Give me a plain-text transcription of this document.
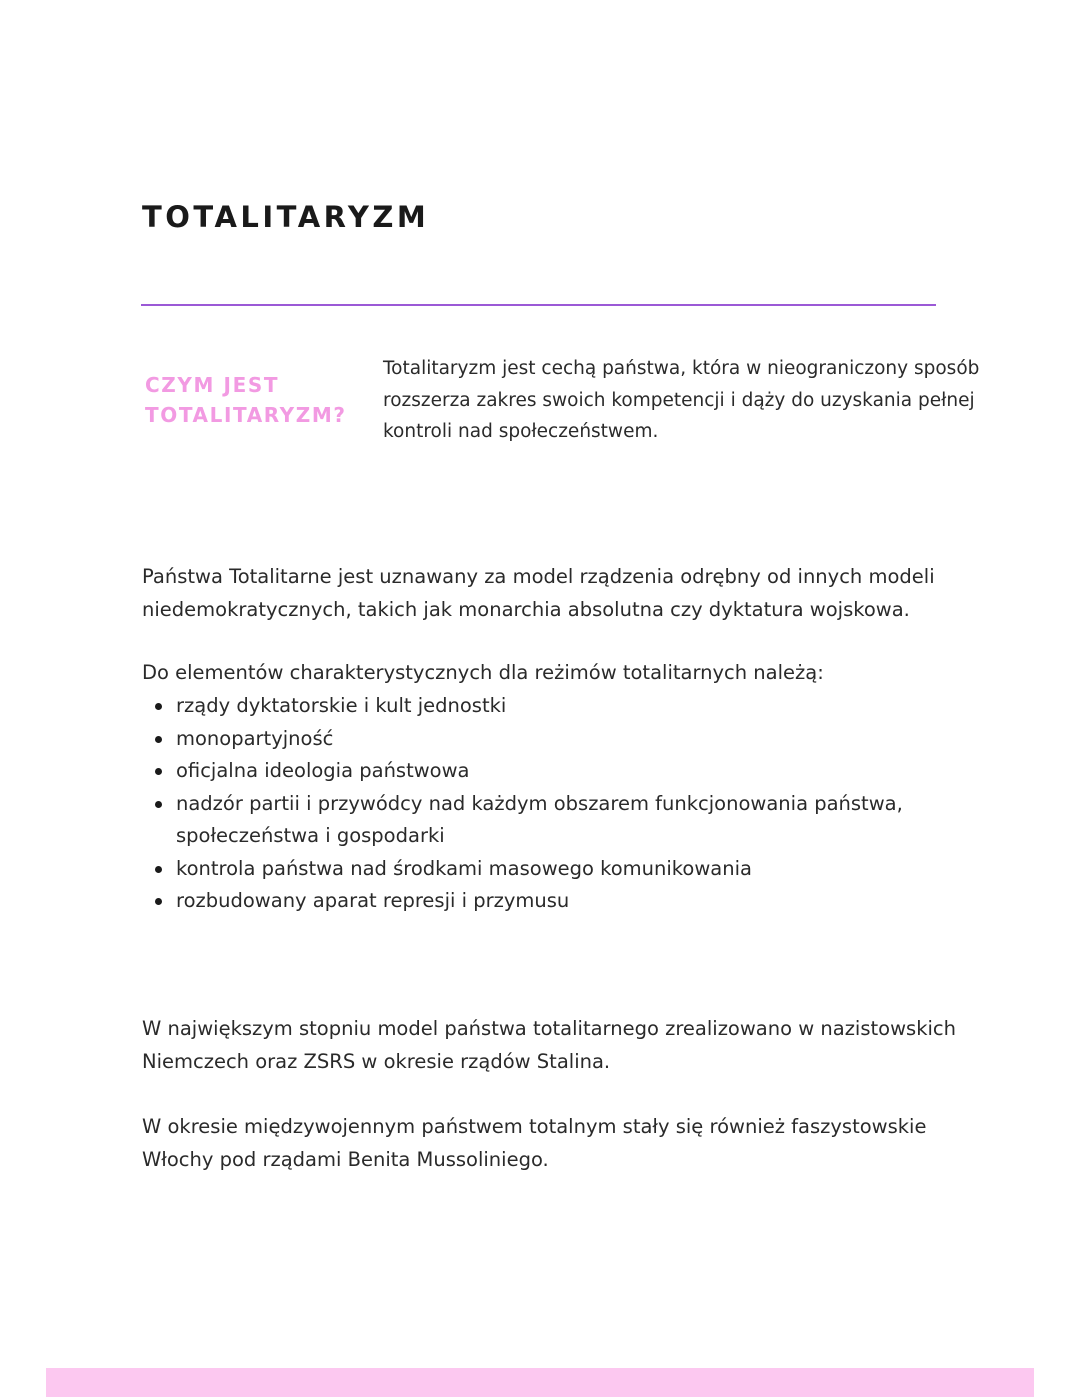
TOTALITARYZM
CZYM JEST TOTALITARYZM?

Totalitaryzm jest cechą państwa, która w nieograniczony sposób rozszerza zakres swoich kompetencji i dąży do uzyskania pełnej kontroli nad społeczeństwem.

Państwa Totalitarne jest uznawany za model rządzenia odrębny od innych modeli niedemokratycznych, takich jak monarchia absolutna czy dyktatura wojskowa.

Do elementów charakterystycznych dla reżimów totalitarnych należą:

rządy dyktatorskie i kult jednostki
monopartyjność
oficjalna ideologia państwowa
nadzór partii i przywódcy nad każdym obszarem funkcjonowania państwa, społeczeństwa i gospodarki
kontrola państwa nad środkami masowego komunikowania
rozbudowany aparat represji i przymusu

W największym stopniu model państwa totalitarnego zrealizowano w nazistowskich Niemczech oraz ZSRS w okresie rządów Stalina.

W okresie międzywojennym państwem totalnym stały się również faszystowskie Włochy pod rządami Benita Mussoliniego.
